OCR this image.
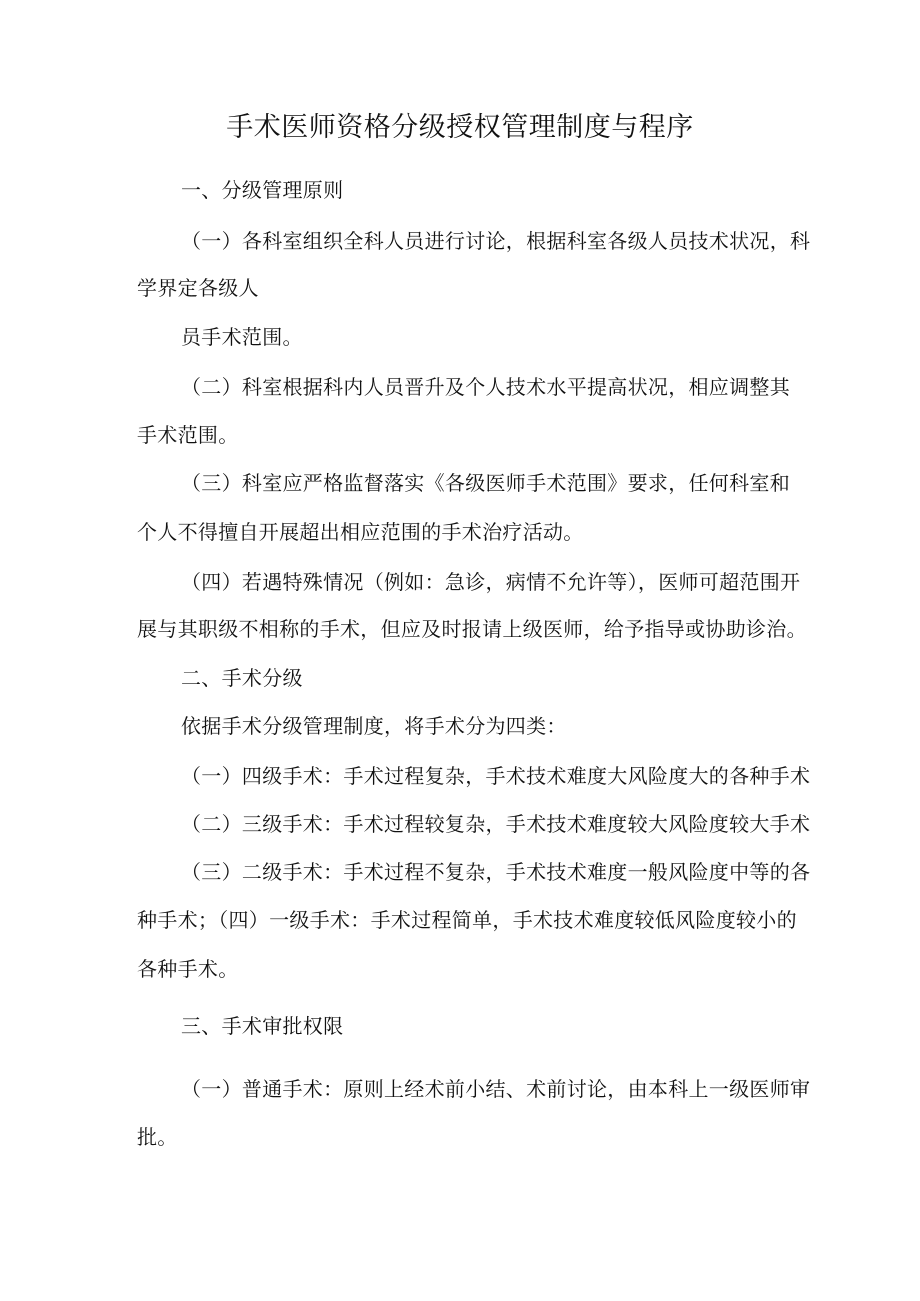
手术医师资格分级授权管理制度与程序
一、分级管理原则
（一）各科室组织全科人员进行讨论，根据科室各级人员技术状况，科
学界定各级人
员手术范围。
（二）科室根据科内人员晋升及个人技术水平提高状况，相应调整其
手术范围。
（三）科室应严格监督落实《各级医师手术范围》要求，任何科室和
个人不得擅自开展超出相应范围的手术治疗活动。
（四）若遇特殊情况（例如：急诊，病情不允许等），医师可超范围开
展与其职级不相称的手术，但应及时报请上级医师，给予指导或协助诊治。
二、手术分级
依据手术分级管理制度，将手术分为四类：
（一）四级手术：手术过程复杂，手术技术难度大风险度大的各种手术
（二）三级手术：手术过程较复杂，手术技术难度较大风险度较大手术
（三）二级手术：手术过程不复杂，手术技术难度一般风险度中等的各
种手术；（四）一级手术：手术过程简单，手术技术难度较低风险度较小的
各种手术。
三、手术审批权限
（一）普通手术：原则上经术前小结、术前讨论，由本科上一级医师审
批。
